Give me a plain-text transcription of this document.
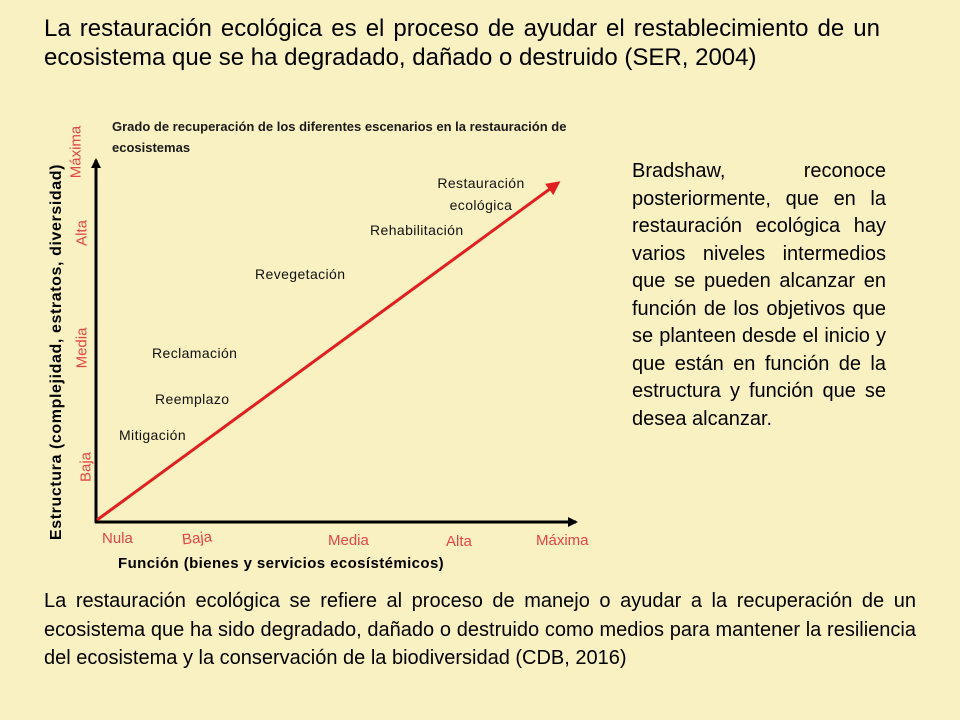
La restauración ecológica es el proceso de ayudar el restablecimiento de un ecosistema que se ha degradado, dañado o destruido (SER, 2004)

Grado de recuperación de los diferentes escenarios en la restauración de ecosistemas
Estructura (complejidad, estratos, diversidad)
Función (bienes y servicios ecosístémicos)
Baja
Media
Alta
Máxima
Nula	Baja	Media	Alta	Máxima
Mitigación
Reemplazo
Reclamación
Revegetación
Rehabilitación
Restauración ecológica

Bradshaw, reconoce posteriormente, que en la restauración ecológica hay varios niveles intermedios que se pueden alcanzar en función de los objetivos que se planteen desde el inicio y que están en función de la estructura y función que se desea alcanzar.

La restauración ecológica se refiere al proceso de manejo o ayudar a la recuperación de un ecosistema que ha sido degradado, dañado o destruido como medios para mantener la resiliencia del ecosistema y la conservación de la biodiversidad (CDB, 2016)
